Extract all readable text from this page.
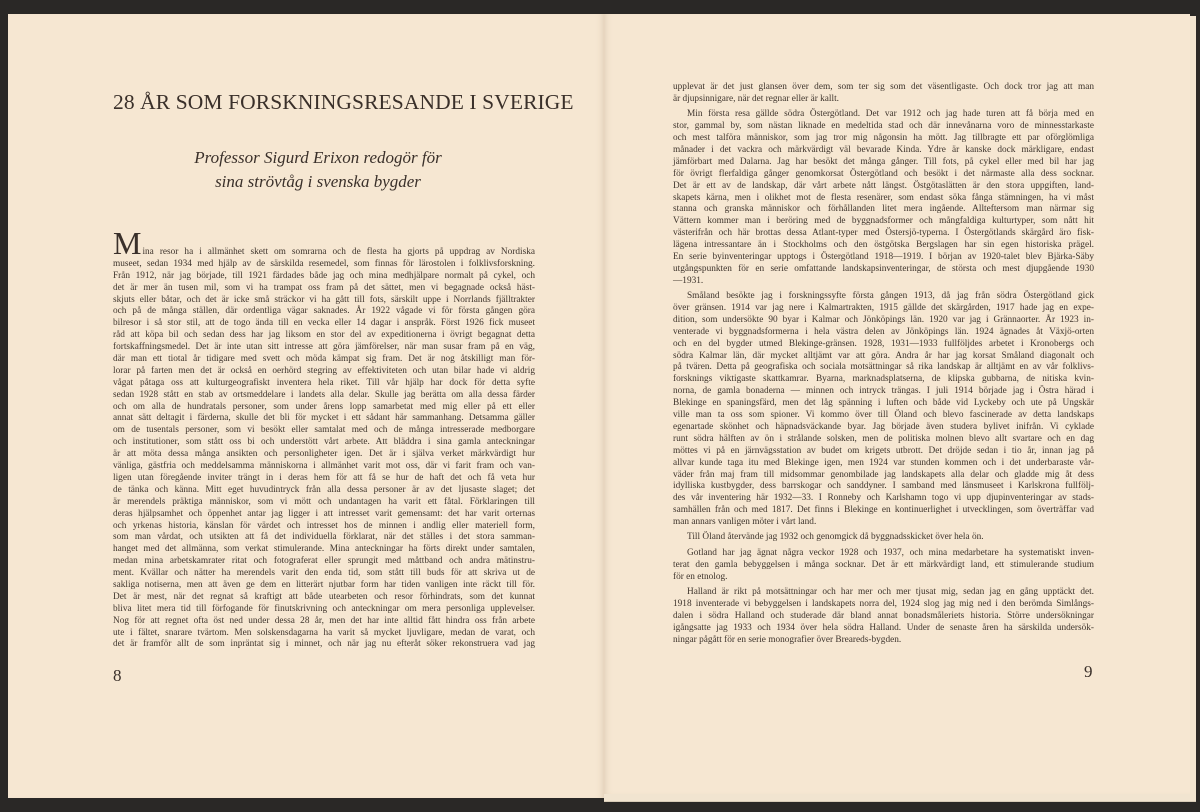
28 ÅR SOM FORSKNINGSRESANDE I SVERIGE
Professor Sigurd Erixon redogör för
sina strövtåg i svenska bygder
Mina resor ha i allmänhet skett om somrarna och de flesta ha gjorts på uppdrag av Nordiska
museet, sedan 1934 med hjälp av de särskilda resemedel, som finnas för lärostolen i folklivsforskning.
Från 1912, när jag började, till 1921 färdades både jag och mina medhjälpare normalt på cykel, och
det är mer än tusen mil, som vi ha trampat oss fram på det sättet, men vi begagnade också häst-
skjuts eller båtar, och det är icke små sträckor vi ha gått till fots, särskilt uppe i Norrlands fjälltrakter
och på de många ställen, där ordentliga vägar saknades. År 1922 vågade vi för första gången göra
bilresor i så stor stil, att de togo ända till en vecka eller 14 dagar i anspråk. Först 1926 fick museet
råd att köpa bil och sedan dess har jag liksom en stor del av expeditionerna i övrigt begagnat detta
fortskaffningsmedel. Det är inte utan sitt intresse att göra jämförelser, när man susar fram på en väg,
där man ett tiotal år tidigare med svett och möda kämpat sig fram. Det är nog åtskilligt man för-
lorar på farten men det är också en oerhörd stegring av effektiviteten och utan bilar hade vi aldrig
vågat påtaga oss att kulturgeografiskt inventera hela riket. Till vår hjälp har dock för detta syfte
sedan 1928 stått en stab av ortsmeddelare i landets alla delar. Skulle jag berätta om alla dessa färder
och om alla de hundratals personer, som under årens lopp samarbetat med mig eller på ett eller
annat sätt deltagit i färderna, skulle det bli för mycket i ett sådant här sammanhang. Detsamma gäller
om de tusentals personer, som vi besökt eller samtalat med och de många intresserade medborgare
och institutioner, som stått oss bi och understött vårt arbete. Att bläddra i sina gamla anteckningar
är att möta dessa många ansikten och personligheter igen. Det är i själva verket märkvärdigt hur
vänliga, gästfria och meddelsamma människorna i allmänhet varit mot oss, där vi farit fram och van-
ligen utan föregående inviter trängt in i deras hem för att få se hur de haft det och få veta hur
de tänka och känna. Mitt eget huvudintryck från alla dessa personer är av det ljusaste slaget; det
är merendels präktiga människor, som vi mött och undantagen ha varit ett fåtal. Förklaringen till
deras hjälpsamhet och öppenhet antar jag ligger i att intresset varit gemensamt: det har varit orternas
och yrkenas historia, känslan för värdet och intresset hos de minnen i andlig eller materiell form,
som man vårdat, och utsikten att få det individuella förklarat, när det ställes i det stora samman-
hanget med det allmänna, som verkat stimulerande. Mina anteckningar ha förts direkt under samtalen,
medan mina arbetskamrater ritat och fotograferat eller sprungit med måttband och andra mätinstru-
ment. Kvällar och nätter ha merendels varit den enda tid, som stått till buds för att skriva ut de
sakliga notiserna, men att även ge dem en litterärt njutbar form har tiden vanligen inte räckt till för.
Det är mest, när det regnat så kraftigt att både utearbeten och resor förhindrats, som det kunnat
bliva litet mera tid till förfogande för finutskrivning och anteckningar om mera personliga upplevelser.
Nog för att regnet ofta öst ned under dessa 28 år, men det har inte alltid fått hindra oss från arbete
ute i fältet, snarare tvärtom. Men solskensdagarna ha varit så mycket ljuvligare, medan de varat, och
det är framför allt de som inpräntat sig i minnet, och när jag nu efteråt söker rekonstruera vad jag
8
upplevat är det just glansen över dem, som ter sig som det väsentligaste. Och dock tror jag att man
är djupsinnigare, när det regnar eller är kallt.
Min första resa gällde södra Östergötland. Det var 1912 och jag hade turen att få börja med en
stor, gammal by, som nästan liknade en medeltida stad och där innevånarna voro de minnesstarkaste
och mest talföra människor, som jag tror mig någonsin ha mött. Jag tillbragte ett par oförglömliga
månader i det vackra och märkvärdigt väl bevarade Kinda. Ydre är kanske dock märkligare, endast
jämförbart med Dalarna. Jag har besökt det många gånger. Till fots, på cykel eller med bil har jag
för övrigt flerfaldiga gånger genomkorsat Östergötland och besökt i det närmaste alla dess socknar.
Det är ett av de landskap, där vårt arbete nått längst. Östgötaslätten är den stora uppgiften, land-
skapets kärna, men i olikhet mot de flesta resenärer, som endast söka fånga stämningen, ha vi måst
stanna och granska människor och förhållanden litet mera ingående. Allteftersom man närmar sig
Vättern kommer man i beröring med de byggnadsformer och mångfaldiga kulturtyper, som nått hit
västerifrån och här brottas dessa Atlant-typer med Östersjö-typerna. I Östergötlands skärgård äro fisk-
lägena intressantare än i Stockholms och den östgötska Bergslagen har sin egen historiska prägel.
En serie byinventeringar upptogs i Östergötland 1918—1919. I början av 1920-talet blev Bjärka-Säby
utgångspunkten för en serie omfattande landskapsinventeringar, de största och mest djupgående 1930
—1931.
Småland besökte jag i forskningssyfte första gången 1913, då jag från södra Östergötland gick
över gränsen. 1914 var jag nere i Kalmartrakten, 1915 gällde det skärgården, 1917 hade jag en expe-
dition, som undersökte 90 byar i Kalmar och Jönköpings län. 1920 var jag i Grännaorter. År 1923 in-
venterade vi byggnadsformerna i hela västra delen av Jönköpings län. 1924 ägnades åt Växjö-orten
och en del bygder utmed Blekinge-gränsen. 1928, 1931—1933 fullföljdes arbetet i Kronobergs och
södra Kalmar län, där mycket alltjämt var att göra. Andra år har jag korsat Småland diagonalt och
på tvären. Detta på geografiska och sociala motsättningar så rika landskap är alltjämt en av vår folklivs-
forsknings viktigaste skattkamrar. Byarna, marknadsplatserna, de klipska gubbarna, de nitiska kvin-
norna, de gamla bonaderna — minnen och intryck trängas. I juli 1914 började jag i Östra härad i
Blekinge en spaningsfärd, men det låg spänning i luften och både vid Lyckeby och ute på Ungskär
ville man ta oss som spioner. Vi kommo över till Öland och blevo fascinerade av detta landskaps
egenartade skönhet och häpnadsväckande byar. Jag började även studera bylivet inifrån. Vi cyklade
runt södra hälften av ön i strålande solsken, men de politiska molnen blevo allt svartare och en dag
möttes vi på en järnvägsstation av budet om krigets utbrott. Det dröjde sedan i tio år, innan jag på
allvar kunde taga itu med Blekinge igen, men 1924 var stunden kommen och i det underbaraste vår-
väder från maj fram till midsommar genombilade jag landskapets alla delar och gladde mig åt dess
idylliska kustbygder, dess barrskogar och sanddyner. I samband med länsmuseet i Karlskrona fullfölj-
des vår inventering här 1932—33. I Ronneby och Karlshamn togo vi upp djupinventeringar av stads-
samhällen från och med 1817. Det finns i Blekinge en kontinuerlighet i utvecklingen, som överträffar vad
man annars vanligen möter i vårt land.
Till Öland återvände jag 1932 och genomgick då byggnadsskicket över hela ön.
Gotland har jag ägnat några veckor 1928 och 1937, och mina medarbetare ha systematiskt inven-
terat den gamla bebyggelsen i många socknar. Det är ett märkvärdigt land, ett stimulerande studium
för en etnolog.
Halland är rikt på motsättningar och har mer och mer tjusat mig, sedan jag en gång upptäckt det.
1918 inventerade vi bebyggelsen i landskapets norra del, 1924 slog jag mig ned i den berömda Simlångs-
dalen i södra Halland och studerade där bland annat bonadsmåleriets historia. Större undersökningar
igångsatte jag 1933 och 1934 över hela södra Halland. Under de senaste åren ha särskilda undersök-
ningar pågått för en serie monografier över Breareds-bygden.
9
